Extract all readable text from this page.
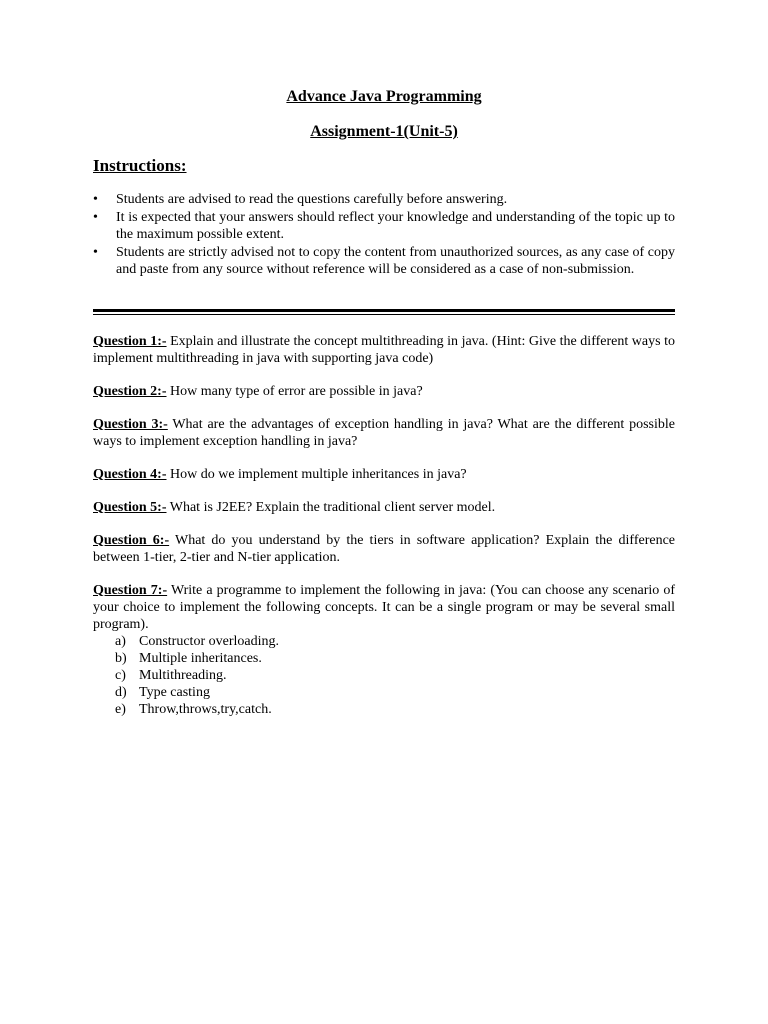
Advance Java Programming
Assignment-1(Unit-5)
Instructions:
• Students are advised to read the questions carefully before answering.
• It is expected that your answers should reflect your knowledge and understanding of the topic up to the maximum possible extent.
• Students are strictly advised not to copy the content from unauthorized sources, as any case of copy and paste from any source without reference will be considered as a case of non-submission.

Question 1:- Explain and illustrate the concept multithreading in java. (Hint: Give the different ways to implement multithreading in java with supporting java code)

Question 2:- How many type of error are possible in java?

Question 3:- What are the advantages of exception handling in java? What are the different possible ways to implement exception handling in java?

Question 4:- How do we implement multiple inheritances in java?

Question 5:- What is J2EE? Explain the traditional client server model.

Question 6:- What do you understand by the tiers in software application? Explain the difference between 1-tier, 2-tier and N-tier application.

Question 7:- Write a programme to implement the following in java: (You can choose any scenario of your choice to implement the following concepts. It can be a single program or may be several small program).

a) Constructor overloading.
b) Multiple inheritances.
c) Multithreading.
d) Type casting
e) Throw,throws,try,catch.
